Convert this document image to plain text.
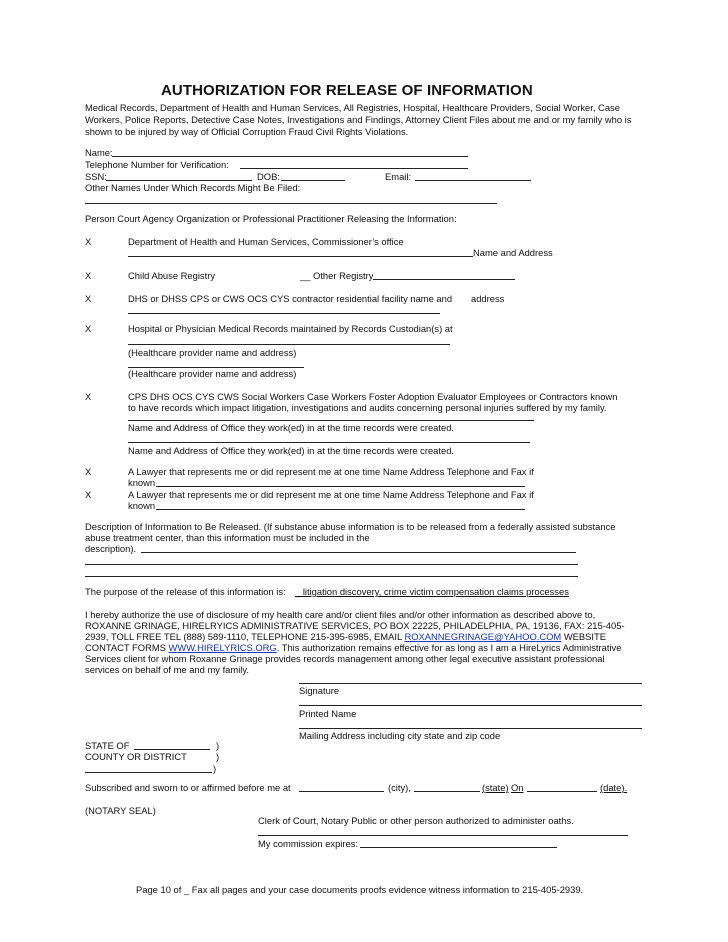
AUTHORIZATION FOR RELEASE OF INFORMATION
Medical Records, Department of Health and Human Services, All Registries, Hospital, Healthcare Providers, Social Worker, Case Workers, Police Reports, Detective Case Notes, Investigations and Findings, Attorney Client Files about me and or my family who is shown to be injured by way of Official Corruption Fraud Civil Rights Violations.
Name:
Telephone Number for Verification:
SSN:	DOB:	Email:
Other Names Under Which Records Might Be Filed:
Person Court Agency Organization or Professional Practitioner Releasing the Information:
X	Department of Health and Human Services, Commissioner’s office
Name and Address
X	Child Abuse Registry	__ Other Registry
X	DHS or DHSS CPS or CWS OCS CYS contractor residential facility name and address
X	Hospital or Physician Medical Records maintained by Records Custodian(s) at
(Healthcare provider name and address)
(Healthcare provider name and address)
X	CPS DHS OCS CYS CWS Social Workers Case Workers Foster Adoption Evaluator Employees or Contractors known
to have records which impact litigation, investigations and audits concerning personal injuries suffered by my family.
Name and Address of Office they work(ed) in at the time records were created.
Name and Address of Office they work(ed) in at the time records were created.
X	A Lawyer that represents me or did represent me at one time Name Address Telephone and Fax if
known
X	A Lawyer that represents me or did represent me at one time Name Address Telephone and Fax if
known
Description of Information to Be Released. (If substance abuse information is to be released from a federally assisted substance
abuse treatment center, than this information must be included in the
description).
The purpose of the release of this information is: _ litigation discovery, crime victim compensation claims processes
I hereby authorize the use of disclosure of my health care and/or client files and/or other information as described above to,
ROXANNE GRINAGE, HIRELRYICS ADMINISTRATIVE SERVICES, PO BOX 22225, PHILADELPHIA, PA, 19136, FAX: 215-405-
2939, TOLL FREE TEL (888) 589-1110, TELEPHONE 215-395-6985, EMAIL ROXANNEGRINAGE@YAHOO.COM WEBSITE
CONTACT FORMS WWW.HIRELYRICS.ORG. This authorization remains effective for as long as I am a HireLyrics Administrative
Services client for whom Roxanne Grinage provides records management among other legal executive assistant professional
services on behalf of me and my family.
Signature
Printed Name
Mailing Address including city state and zip code
STATE OF	)
COUNTY OR DISTRICT	)
)
Subscribed and sworn to or affirmed before me at	(city),	(state) On	(date).
(NOTARY SEAL)
Clerk of Court, Notary Public or other person authorized to administer oaths.
My commission expires:
Page 10 of _ Fax all pages and your case documents proofs evidence witness information to 215-405-2939.
